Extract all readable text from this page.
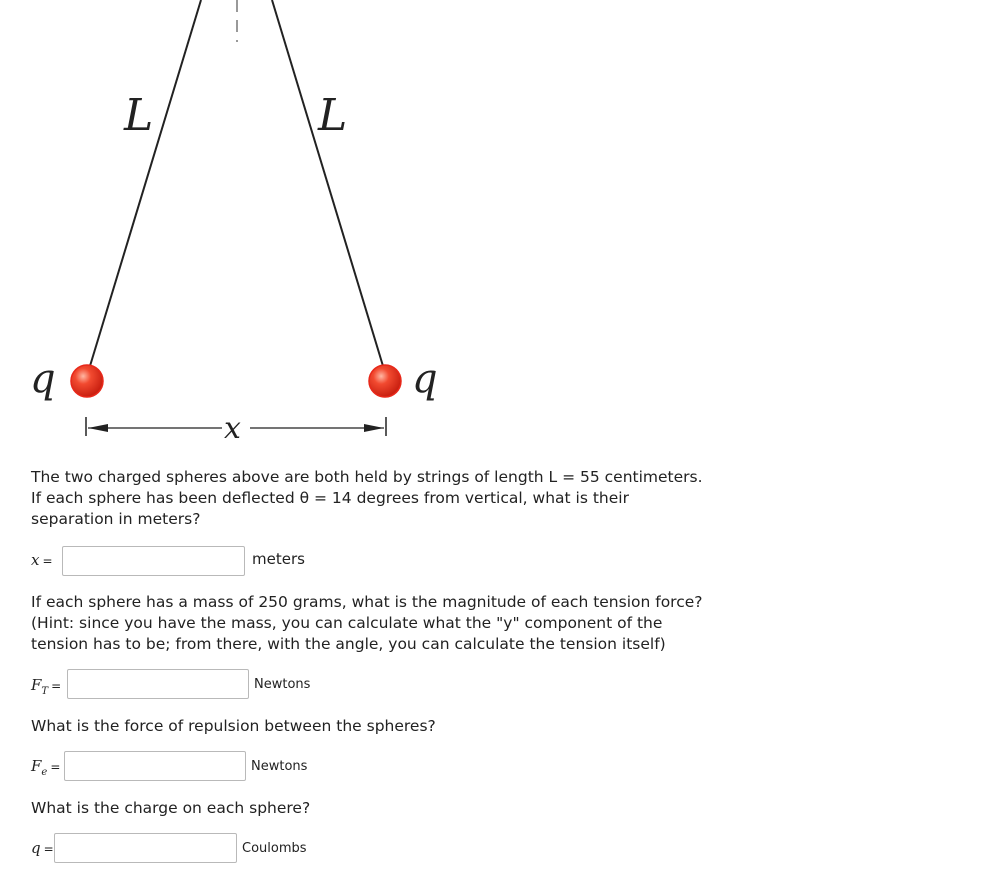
L	L
q	q
x
The two charged spheres above are both held by strings of length L = 55 centimeters.
If each sphere has been deflected θ = 14 degrees from vertical, what is their
separation in meters?
x =	meters
If each sphere has a mass of 250 grams, what is the magnitude of each tension force?
(Hint: since you have the mass, you can calculate what the "y" component of the
tension has to be; from there, with the angle, you can calculate the tension itself)
$F_T$ =	Newtons
What is the force of repulsion between the spheres?
$F_e$ =	Newtons
What is the charge on each sphere?
q =	Coulombs
